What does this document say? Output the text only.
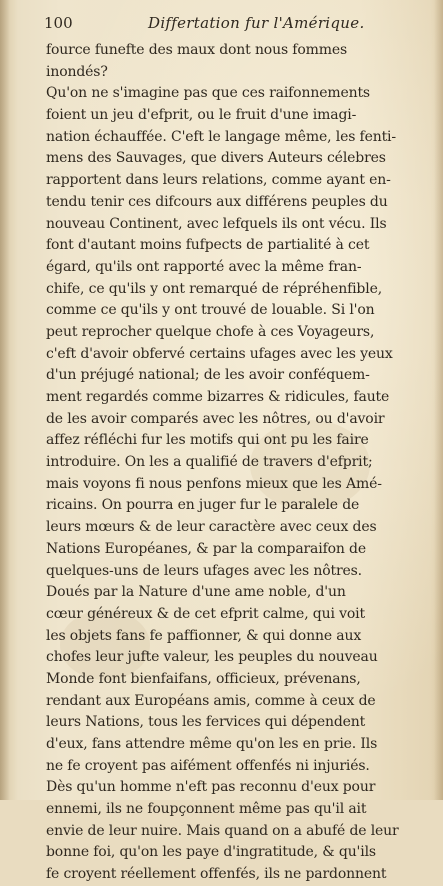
100	Differtation fur l'Amérique.
fource funefte des maux dont nous fommes
inondés?
Qu'on ne s'imagine pas que ces raifonnements
foient un jeu d'efprit, ou le fruit d'une imagi-
nation échauffée. C'eft le langage même, les fenti-
mens des Sauvages, que divers Auteurs célebres
rapportent dans leurs relations, comme ayant en-
tendu tenir ces difcours aux différens peuples du
nouveau Continent, avec lefquels ils ont vécu. Ils
font d'autant moins fufpects de partialité à cet
égard, qu'ils ont rapporté avec la même fran-
chife, ce qu'ils y ont remarqué de répréhenfible,
comme ce qu'ils y ont trouvé de louable. Si l'on
peut reprocher quelque chofe à ces Voyageurs,
c'eft d'avoir obfervé certains ufages avec les yeux
d'un préjugé national; de les avoir conféquem-
ment regardés comme bizarres & ridicules, faute
de les avoir comparés avec les nôtres, ou d'avoir
affez réfléchi fur les motifs qui ont pu les faire
introduire. On les a qualifié de travers d'efprit;
mais voyons fi nous penfons mieux que les Amé-
ricains. On pourra en juger fur le paralele de
leurs mœurs & de leur caractère avec ceux des
Nations Européanes, & par la comparaifon de
quelques-uns de leurs ufages avec les nôtres.
Doués par la Nature d'une ame noble, d'un
cœur généreux & de cet efprit calme, qui voit
les objets fans fe paffionner, & qui donne aux
chofes leur jufte valeur, les peuples du nouveau
Monde font bienfaifans, officieux, prévenans,
rendant aux Européans amis, comme à ceux de
leurs Nations, tous les fervices qui dépendent
d'eux, fans attendre même qu'on les en prie. Ils
ne fe croyent pas aifément offenfés ni injuriés.
Dès qu'un homme n'eft pas reconnu d'eux pour
ennemi, ils ne foupçonnent même pas qu'il ait
envie de leur nuire. Mais quand on a abufé de leur
bonne foi, qu'on les paye d'ingratitude, & qu'ils
fe croyent réellement offenfés, ils ne pardonnent
